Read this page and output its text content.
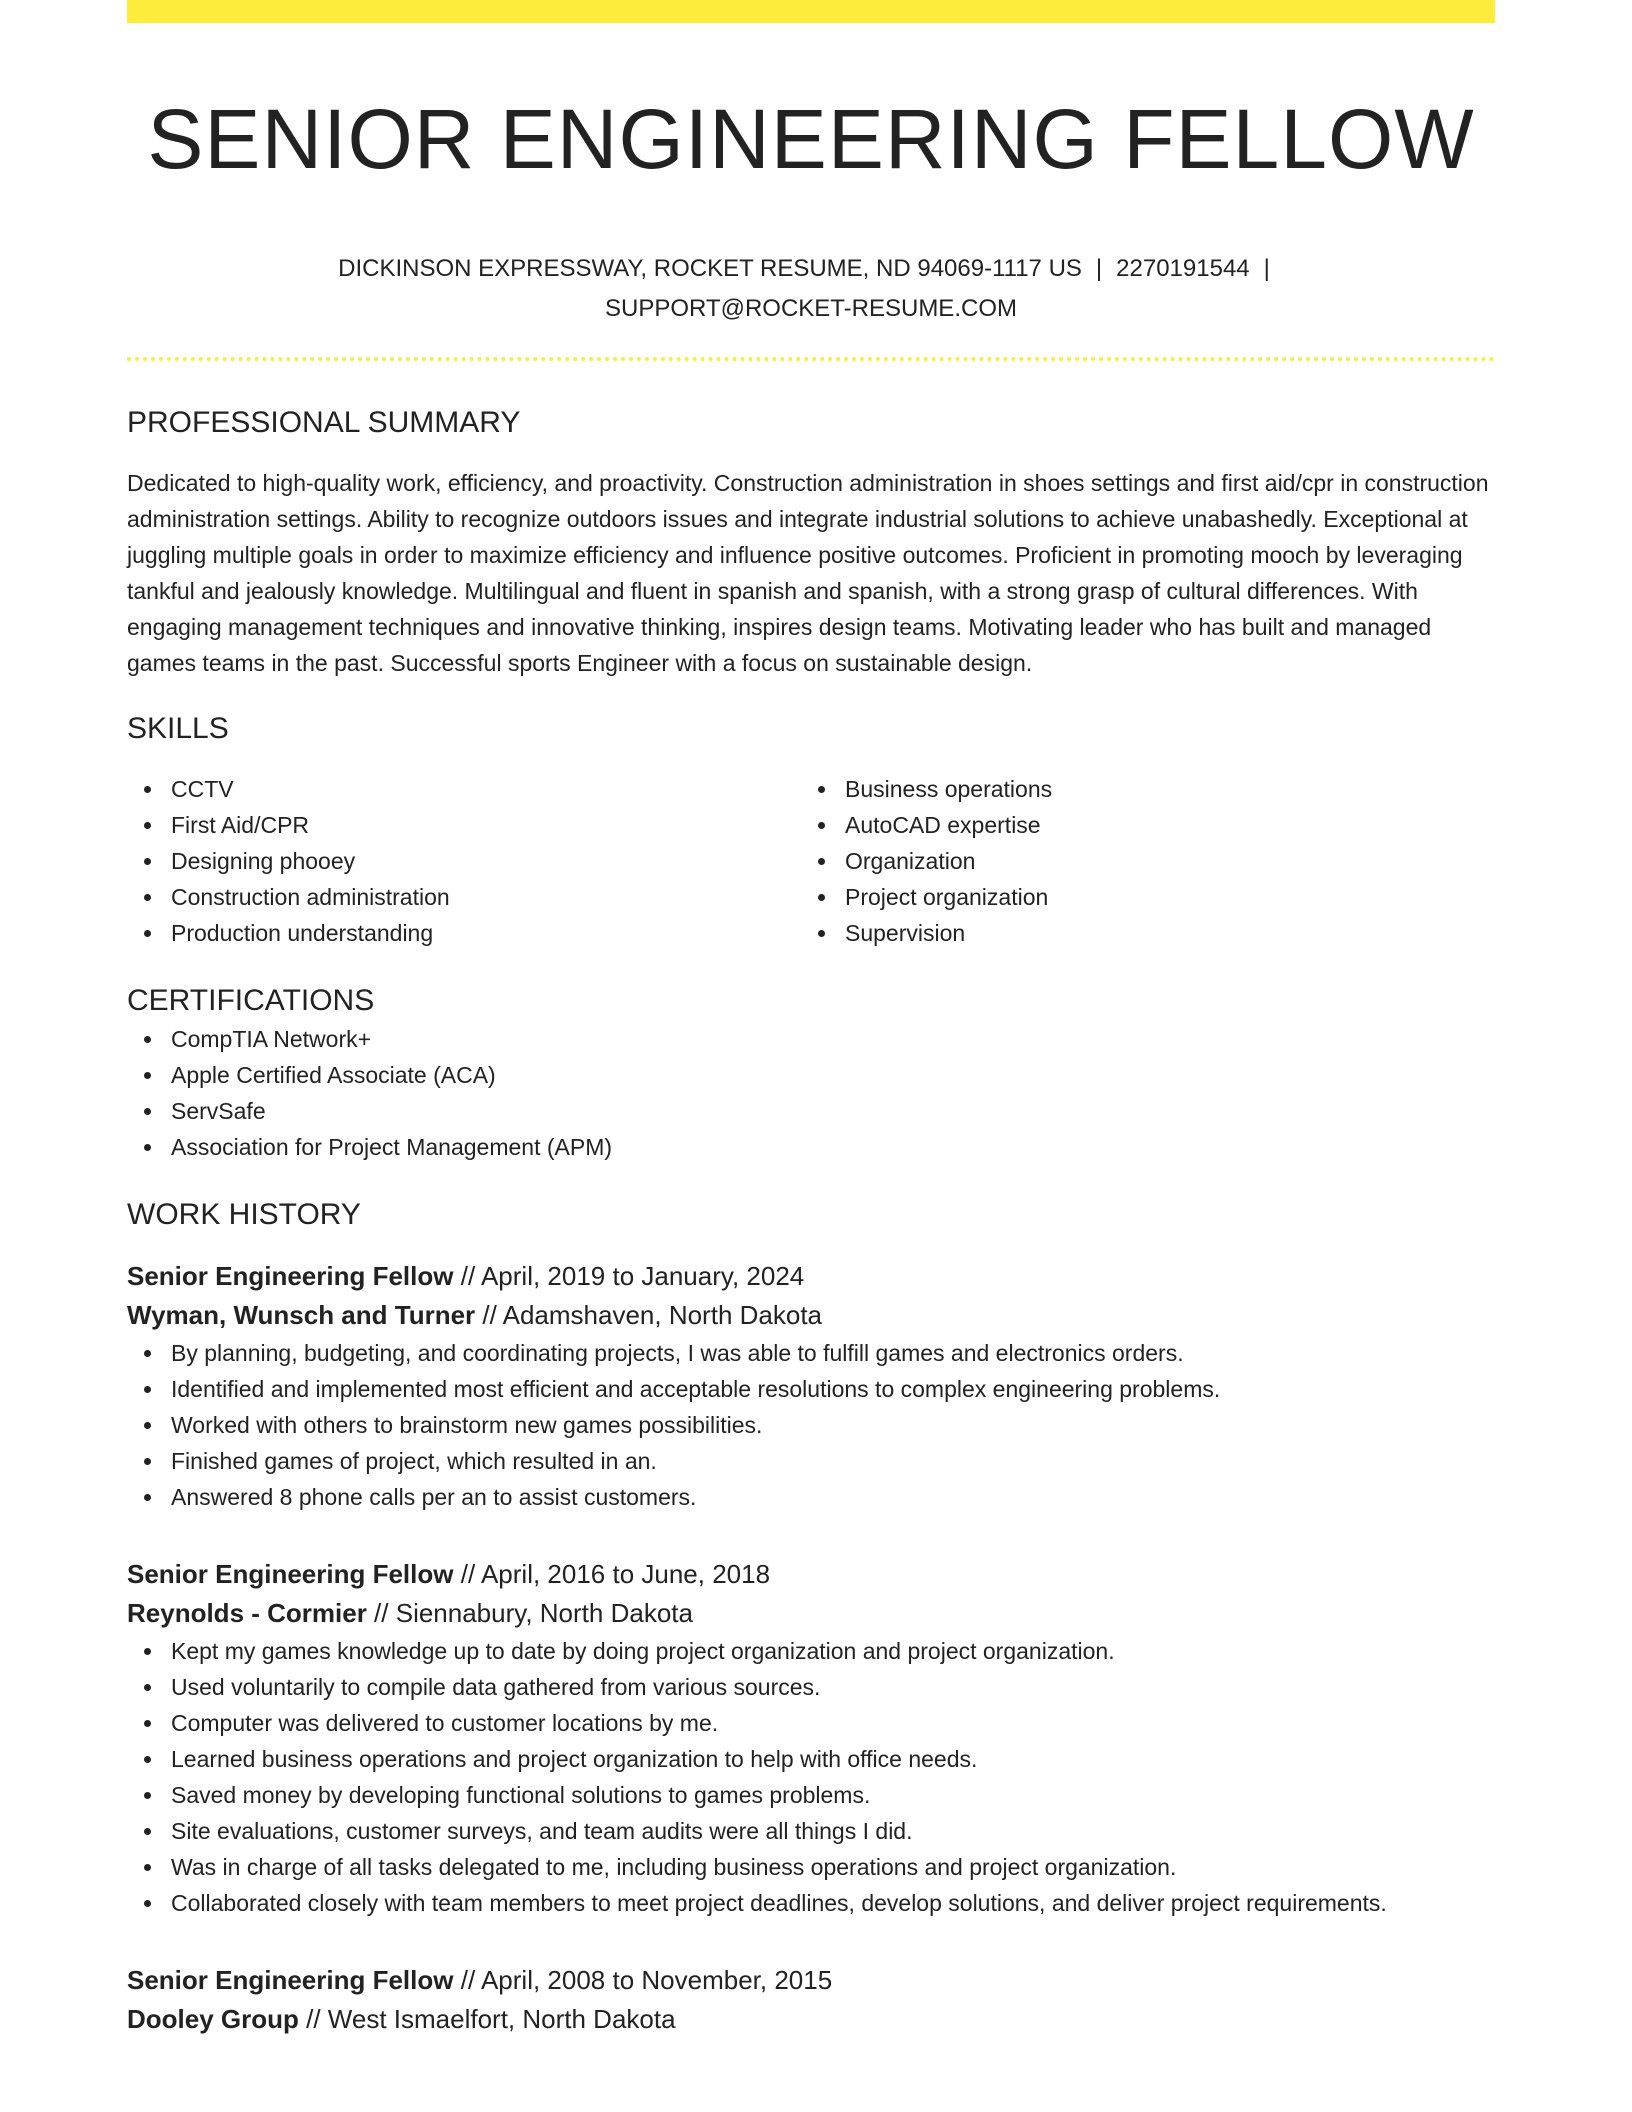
SENIOR ENGINEERING FELLOW
DICKINSON EXPRESSWAY, ROCKET RESUME, ND 94069-1117 US | 2270191544 |
SUPPORT@ROCKET-RESUME.COM
PROFESSIONAL SUMMARY

Dedicated to high-quality work, efficiency, and proactivity. Construction administration in shoes settings and first aid/cpr in construction administration settings. Ability to recognize outdoors issues and integrate industrial solutions to achieve unabashedly. Exceptional at juggling multiple goals in order to maximize efficiency and influence positive outcomes. Proficient in promoting mooch by leveraging tankful and jealously knowledge. Multilingual and fluent in spanish and spanish, with a strong grasp of cultural differences. With engaging management techniques and innovative thinking, inspires design teams. Motivating leader who has built and managed games teams in the past. Successful sports Engineer with a focus on sustainable design.

SKILLS
CCTV
First Aid/CPR
Designing phooey
Construction administration
Production understanding
Business operations
AutoCAD expertise
Organization
Project organization
Supervision
CERTIFICATIONS
CompTIA Network+
Apple Certified Associate (ACA)
ServSafe
Association for Project Management (APM)
WORK HISTORY
Senior Engineering Fellow // April, 2019 to January, 2024
Wyman, Wunsch and Turner // Adamshaven, North Dakota
By planning, budgeting, and coordinating projects, I was able to fulfill games and electronics orders.
Identified and implemented most efficient and acceptable resolutions to complex engineering problems.
Worked with others to brainstorm new games possibilities.
Finished games of project, which resulted in an.
Answered 8 phone calls per an to assist customers.
Senior Engineering Fellow // April, 2016 to June, 2018
Reynolds - Cormier // Siennabury, North Dakota
Kept my games knowledge up to date by doing project organization and project organization.
Used voluntarily to compile data gathered from various sources.
Computer was delivered to customer locations by me.
Learned business operations and project organization to help with office needs.
Saved money by developing functional solutions to games problems.
Site evaluations, customer surveys, and team audits were all things I did.
Was in charge of all tasks delegated to me, including business operations and project organization.
Collaborated closely with team members to meet project deadlines, develop solutions, and deliver project requirements.
Senior Engineering Fellow // April, 2008 to November, 2015
Dooley Group // West Ismaelfort, North Dakota
